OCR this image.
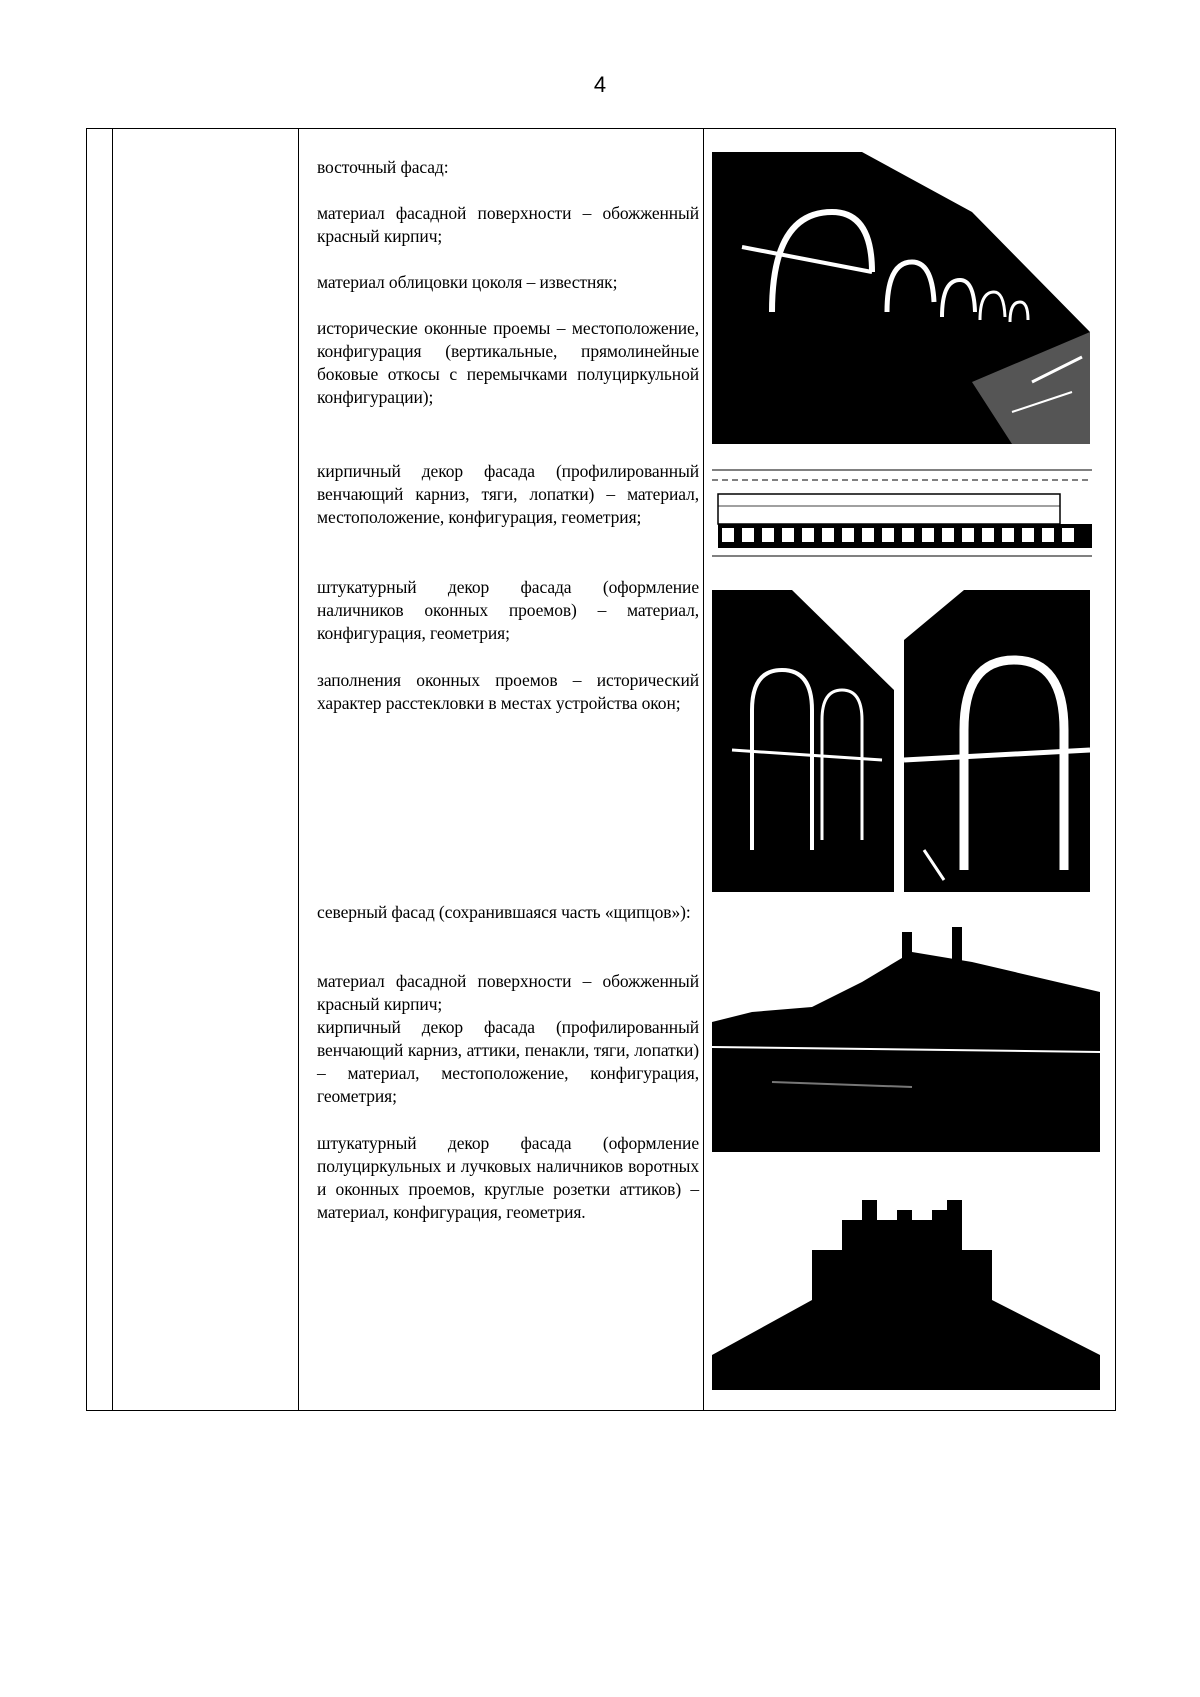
4

восточный фасад:

материал фасадной поверхности – обожженный красный кирпич;

материал облицовки цоколя – известняк;

исторические оконные проемы – местоположение, конфигурация (вертикальные, прямолинейные боковые откосы с перемычками полуциркульной конфигурации);

кирпичный декор фасада (профилированный венчающий карниз, тяги, лопатки) – материал, местоположение, конфигурация, геометрия;

штукатурный декор фасада (оформление наличников оконных проемов) – материал, конфигурация, геометрия;

заполнения оконных проемов – исторический характер расстекловки в местах устройства окон;

северный фасад (сохранившаяся часть «щипцов»):

материал фасадной поверхности – обожженный красный кирпич;

кирпичный декор фасада (профилированный венчающий карниз, аттики, пенакли, тяги, лопатки) – материал, местоположение, конфигурация, геометрия;

штукатурный декор фасада (оформление полуциркульных и лучковых наличников воротных и оконных проемов, круглые розетки аттиков) – материал, конфигурация, геометрия.
